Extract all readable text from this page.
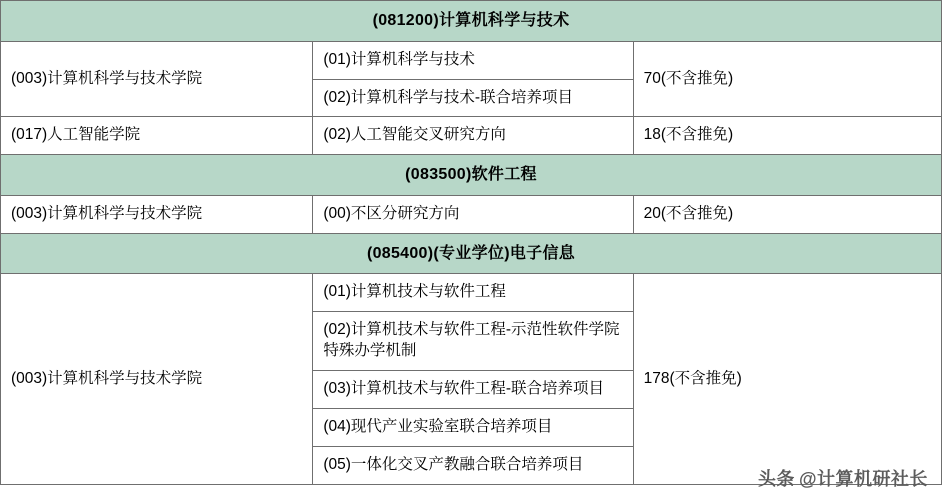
(081200)计算机科学与技术		
(003)计算机科学与技术学院	(01)计算机科学与技术	70(不含推免)
	(02)计算机科学与技术-联合培养项目	
(017)人工智能学院	(02)人工智能交叉研究方向	18(不含推免)
(083500)软件工程		
(003)计算机科学与技术学院	(00)不区分研究方向	20(不含推免)
(085400)(专业学位)电子信息		
(003)计算机科学与技术学院	(01)计算机技术与软件工程	178(不含推免)
	(02)计算机技术与软件工程-示范性软件学院特殊办学机制	
	(03)计算机技术与软件工程-联合培养项目	
	(04)现代产业实验室联合培养项目	
	(05)一体化交叉产教融合联合培养项目	
头条 @计算机研社长
